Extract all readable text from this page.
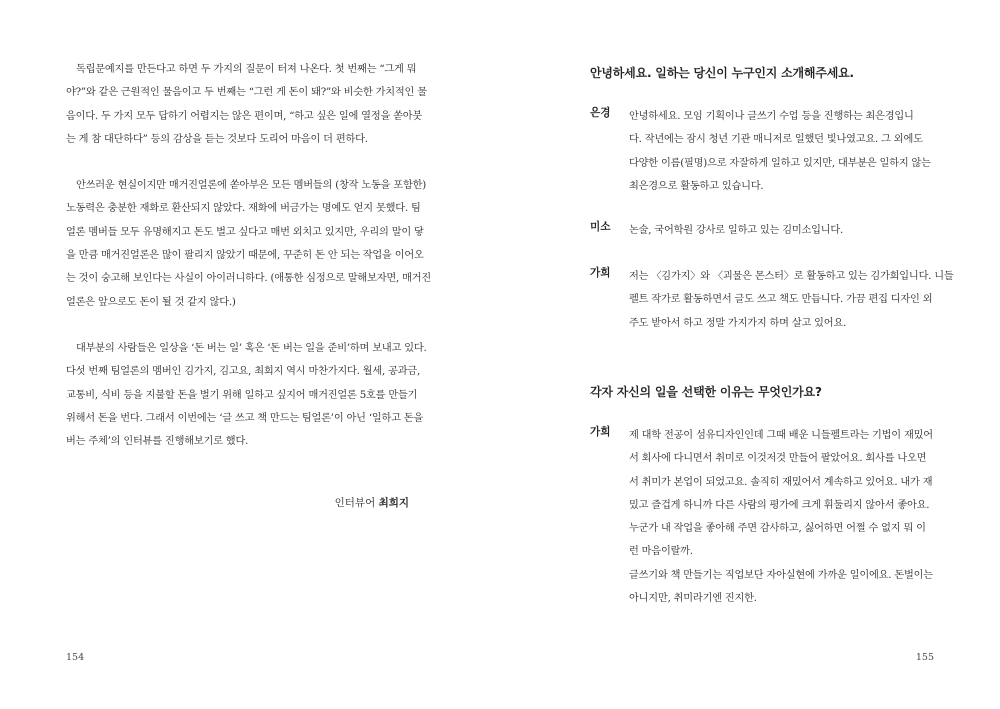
독립문예지를 만든다고 하면 두 가지의 질문이 터져 나온다. 첫 번째는 “그게 뭐
야?”와 같은 근원적인 물음이고 두 번째는 “그런 게 돈이 돼?”와 비슷한 가치적인 물
음이다. 두 가지 모두 답하기 어렵지는 않은 편이며, “하고 싶은 일에 열정을 쏟아붓
는 게 참 대단하다” 등의 감상을 듣는 것보다 도리어 마음이 더 편하다.

안쓰러운 현실이지만 매거진얼론에 쏟아부은 모든 멤버들의 (창작 노동을 포함한)
노동력은 충분한 재화로 환산되지 않았다. 재화에 버금가는 명예도 얻지 못했다. 팀
얼론 멤버들 모두 유명해지고 돈도 벌고 싶다고 매번 외치고 있지만, 우리의 말이 닿
을 만큼 매거진얼론은 많이 팔리지 않았기 때문에, 꾸준히 돈 안 되는 작업을 이어오
는 것이 숭고해 보인다는 사실이 아이러니하다. (애통한 심정으로 말해보자면, 매거진
얼론은 앞으로도 돈이 될 것 같지 않다.)

대부분의 사람들은 일상을 ‘돈 버는 일’ 혹은 ‘돈 버는 일을 준비’하며 보내고 있다.
다섯 번째 팀얼론의 멤버인 김가지, 김고요, 최희지 역시 마찬가지다. 월세, 공과금,
교통비, 식비 등을 지불할 돈을 벌기 위해 일하고 싶지어 매거진얼론 5호를 만들기
위해서 돈을 번다. 그래서 이번에는 ‘글 쓰고 책 만드는 팀얼론’이 아닌 ‘일하고 돈을
버는 주체’의 인터뷰를 진행해보기로 했다.

인터뷰어 최희지
154
안녕하세요. 일하는 당신이 누구인지 소개해주세요.
은경 안녕하세요. 모임 기획이나 글쓰기 수업 등을 진행하는 최은경입니
다. 작년에는 잠시 청년 기관 매니저로 일했던 빛나였고요. 그 외에도
다양한 이름(필명)으로 자잘하게 일하고 있지만, 대부분은 일하지 않는
최은경으로 활동하고 있습니다.
미소 논술, 국어학원 강사로 일하고 있는 김미소입니다.
가희 저는 〈김가지〉와 〈괴물은 몬스터〉로 활동하고 있는 김가희입니다. 니들
펠트 작가로 활동하면서 글도 쓰고 책도 만듭니다. 가끔 편집 디자인 외
주도 받아서 하고 정말 가지가지 하며 살고 있어요.
각자 자신의 일을 선택한 이유는 무엇인가요?
가희 제 대학 전공이 섬유디자인인데 그때 배운 니들펠트라는 기법이 재밌어
서 회사에 다니면서 취미로 이것저것 만들어 팔았어요. 회사를 나오면
서 취미가 본업이 되었고요. 솔직히 재밌어서 계속하고 있어요. 내가 재
밌고 즐겁게 하니까 다른 사람의 평가에 크게 휘둘리지 않아서 좋아요.
누군가 내 작업을 좋아해 주면 감사하고, 싫어하면 어쩔 수 없지 뭐 이
런 마음이랄까.
글쓰기와 책 만들기는 직업보단 자아실현에 가까운 일이에요. 돈벌이는
아니지만, 취미라기엔 진지한.
155
